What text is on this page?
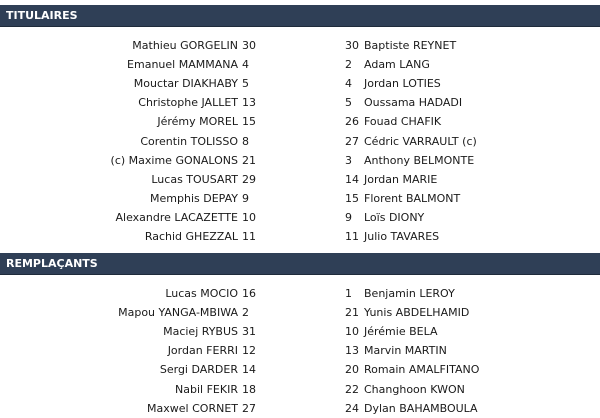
TITULAIRES
Mathieu GORGELIN 30	30 Baptiste REYNET
Emanuel MAMMANA 4	2	Adam LANG
Mouctar DIAKHABY 5	4	Jordan LOTIES
Christophe JALLET 13	5	Oussama HADADI
Jérémy MOREL 15	26 Fouad CHAFIK
Corentin TOLISSO 8	27 Cédric VARRAULT (c)
(c) Maxime GONALONS 21	3	Anthony BELMONTE
Lucas TOUSART 29	14 Jordan MARIE
Memphis DEPAY 9	15 Florent BALMONT
Alexandre LACAZETTE 10	9	Loïs DIONY
Rachid GHEZZAL 11	11 Julio TAVARES
REMPLAÇANTS
Lucas MOCIO 16	1	Benjamin LEROY
Mapou YANGA-MBIWA 2	21 Yunis ABDELHAMID
Maciej RYBUS 31	10 Jérémie BELA
Jordan FERRI 12	13 Marvin MARTIN
Sergi DARDER 14	20 Romain AMALFITANO
Nabil FEKIR 18	22 Changhoon KWON
Maxwel CORNET 27	24 Dylan BAHAMBOULA
